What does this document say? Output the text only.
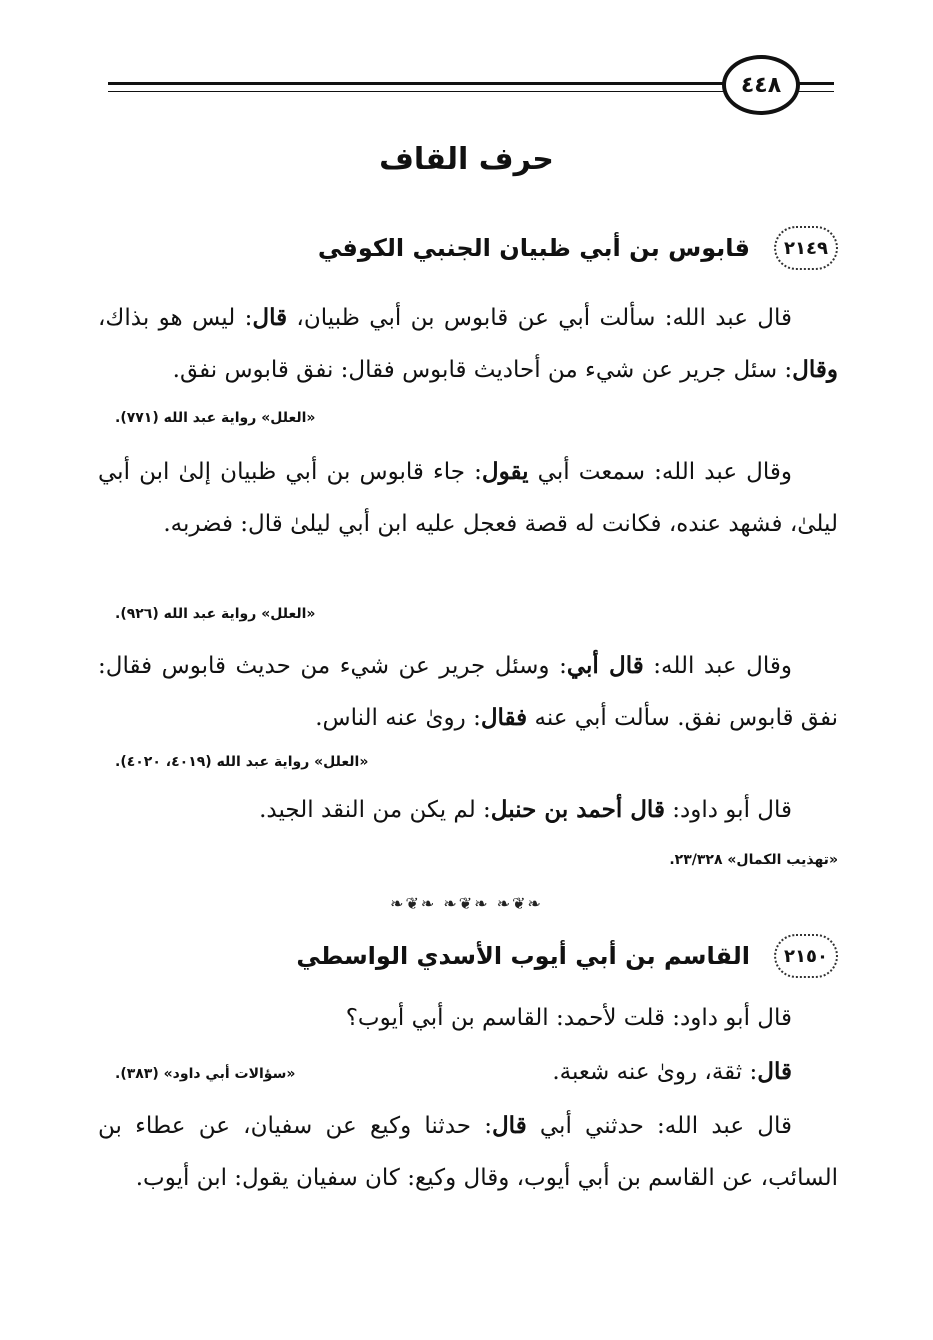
٤٤٨
حرف القاف
٢١٤٩
قابوس بن أبي ظبيان الجنبي الكوفي

قال عبد الله: سألت أبي عن قابوس بن أبي ظبيان، قال: ليس هو بذاك، وقال: سئل جرير عن شيء من أحاديث قابوس فقال: نفق قابوس نفق.

«العلل» رواية عبد الله (٧٧١).

وقال عبد الله: سمعت أبي يقول: جاء قابوس بن أبي ظبيان إلىٰ ابن أبي ليلىٰ، فشهد عنده، فكانت له قصة فعجل عليه ابن أبي ليلىٰ قال: فضربه.

«العلل» رواية عبد الله (٩٢٦).

وقال عبد الله: قال أبي: وسئل جرير عن شيء من حديث قابوس فقال: نفق قابوس نفق. سألت أبي عنه فقال: رویٰ عنه الناس.

«العلل» رواية عبد الله (٤٠١٩، ٤٠٢٠).
قال أبو داود: قال أحمد بن حنبل: لم يكن من النقد الجيد.
«تهذيب الكمال» ٢٣/٣٢٨.
❧❦❧ ❧❦❧ ❧❦❧
٢١٥٠
القاسم بن أبي أيوب الأسدي الواسطي
قال أبو داود: قلت لأحمد: القاسم بن أبي أيوب؟
قال: ثقة، رویٰ عنه شعبة.
«سؤالات أبي داود» (٣٨٣).

قال عبد الله: حدثني أبي قال: حدثنا وكيع عن سفيان، عن عطاء بن السائب، عن القاسم بن أبي أيوب، وقال وكيع: كان سفيان يقول: ابن أيوب.
